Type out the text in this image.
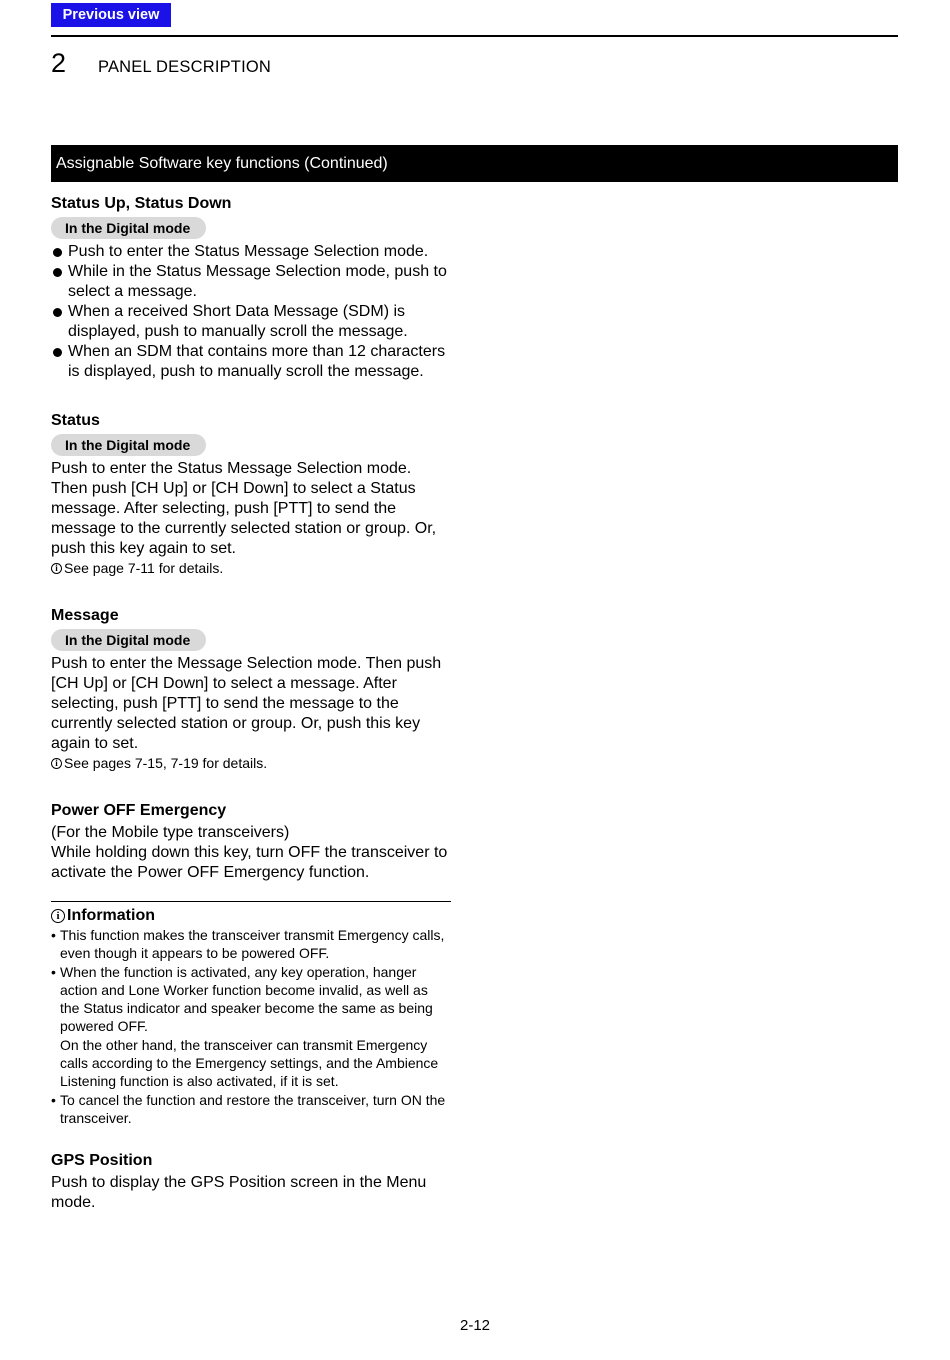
Previous view
2 PANEL DESCRIPTION
Assignable Software key functions (Continued)
Status Up, Status Down
In the Digital mode
Push to enter the Status Message Selection mode.
While in the Status Message Selection mode, push to select a message.
When a received Short Data Message (SDM) is displayed, push to manually scroll the message.
When an SDM that contains more than 12 characters is displayed, push to manually scroll the message.
Status
In the Digital mode
Push to enter the Status Message Selection mode. Then push [CH Up] or [CH Down] to select a Status message. After selecting, push [PTT] to send the message to the currently selected station or group. Or, push this key again to set.
i See page 7-11 for details.
Message
In the Digital mode
Push to enter the Message Selection mode. Then push [CH Up] or [CH Down] to select a message. After selecting, push [PTT] to send the message to the currently selected station or group. Or, push this key again to set.
i See pages 7-15, 7-19 for details.
Power OFF Emergency
(For the Mobile type transceivers)
While holding down this key, turn OFF the transceiver to activate the Power OFF Emergency function.
i Information
• This function makes the transceiver transmit Emergency calls, even though it appears to be powered OFF.
• When the function is activated, any key operation, hanger action and Lone Worker function become invalid, as well as the Status indicator and speaker become the same as being powered OFF.
On the other hand, the transceiver can transmit Emergency calls according to the Emergency settings, and the Ambience Listening function is also activated, if it is set.
• To cancel the function and restore the transceiver, turn ON the transceiver.
GPS Position
Push to display the GPS Position screen in the Menu mode.
2-12
